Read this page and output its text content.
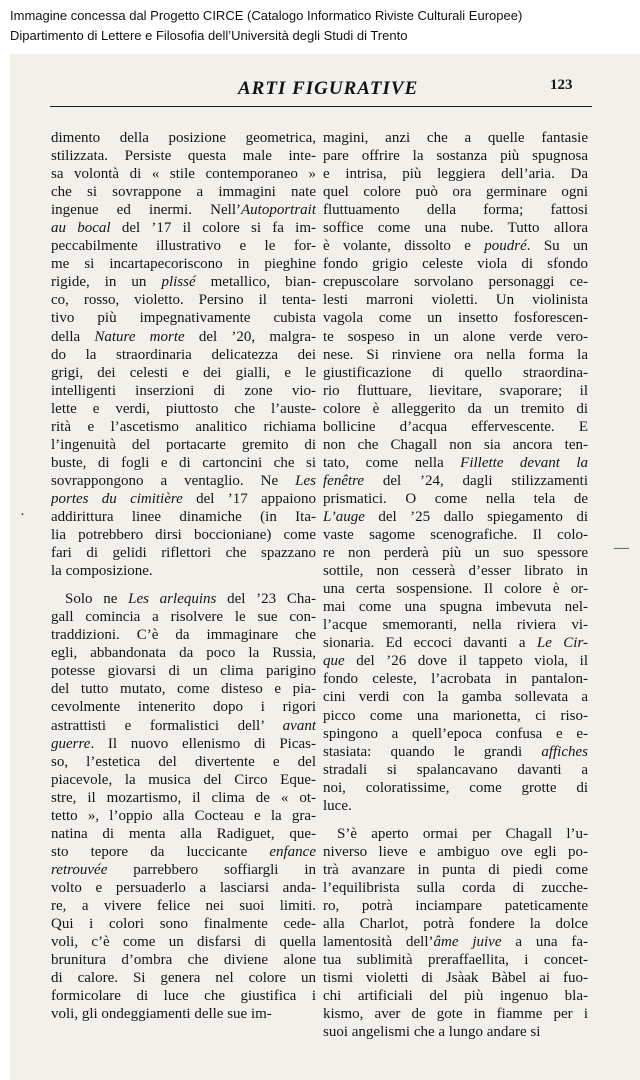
Immagine concessa dal Progetto CIRCE (Catalogo Informatico Riviste Culturali Europee)
Dipartimento di Lettere e Filosofia dell’Università degli Studi di Trento
ARTI FIGURATIVE	123
dimento della posizione geometrica,
stilizzata. Persiste questa male inte-
sa volontà di « stile contemporaneo »
che si sovrappone a immagini nate
ingenue ed inermi. Nell’Autoportrait
au bocal del ’17 il colore si fa im-
peccabilmente illustrativo e le for-
me si incartapecoriscono in pieghine
rigide, in un plissé metallico, bian-
co, rosso, violetto. Persino il tenta-
tivo più impegnativamente cubista
della Nature morte del ’20, malgra-
do la straordinaria delicatezza dei
grigi, dei celesti e dei gialli, e le
intelligenti inserzioni di zone vio-
lette e verdi, piuttosto che l’auste-
rità e l’ascetismo analitico richiama
l’ingenuità del portacarte gremito di
buste, di fogli e di cartoncini che si
sovrappongono a ventaglio. Ne Les
portes du cimitière del ’17 appaiono
addirittura linee dinamiche (in Ita-
lia potrebbero dirsi boccioniane) come
fari di gelidi riflettori che spazzano
la composizione.
Solo ne Les arlequins del ’23 Cha-
gall comincia a risolvere le sue con-
traddizioni. C’è da immaginare che
egli, abbandonata da poco la Russia,
potesse giovarsi di un clima parigino
del tutto mutato, come disteso e pia-
cevolmente intenerito dopo i rigori
astrattisti e formalistici dell’ avant
guerre. Il nuovo ellenismo di Picas-
so, l’estetica del divertente e del
piacevole, la musica del Circo Eque-
stre, il mozartismo, il clima de « ot-
tetto », l’oppio alla Cocteau e la gra-
natina di menta alla Radiguet, que-
sto tepore da luccicante enfance
retrouvée parrebbero soffiargli in
volto e persuaderlo a lasciarsi anda-
re, a vivere felice nei suoi limiti.
Qui i colori sono finalmente cede-
voli, c’è come un disfarsi di quella
brunitura d’ombra che diviene alone
di calore. Si genera nel colore un
formicolare di luce che giustifica i
voli, gli ondeggiamenti delle sue im-
magini, anzi che a quelle fantasie
pare offrire la sostanza più spugnosa
e intrisa, più leggiera dell’aria. Da
quel colore può ora germinare ogni
fluttuamento della forma; fattosi
soffice come una nube. Tutto allora
è volante, dissolto e poudré. Su un
fondo grigio celeste viola di sfondo
crepuscolare sorvolano personaggi ce-
lesti marroni violetti. Un violinista
vagola come un insetto fosforescen-
te sospeso in un alone verde vero-
nese. Si rinviene ora nella forma la
giustificazione di quello straordina-
rio fluttuare, lievitare, svaporare; il
colore è alleggerito da un tremito di
bollicine d’acqua effervescente. E
non che Chagall non sia ancora ten-
tato, come nella Fillette devant la
fenêtre del ’24, dagli stilizzamenti
prismatici. O come nella tela de
L’auge del ’25 dallo spiegamento di
vaste sagome scenografiche. Il colo-
re non perderà più un suo spessore
sottile, non cesserà d’esser librato in
una certa sospensione. Il colore è or-
mai come una spugna imbevuta nel-
l’acque smemoranti, nella riviera vi-
sionaria. Ed eccoci davanti a Le Cir-
que del ’26 dove il tappeto viola, il
fondo celeste, l’acrobata in pantalon-
cini verdi con la gamba sollevata a
picco come una marionetta, ci riso-
spingono a quell’epoca confusa e e-
stasiata: quando le grandi affiches
stradali si spalancavano davanti a
noi, coloratissime, come grotte di
luce.
S’è aperto ormai per Chagall l’u-
niverso lieve e ambiguo ove egli po-
trà avanzare in punta di piedi come
l’equilibrista sulla corda di zucche-
ro, potrà inciampare pateticamente
alla Charlot, potrà fondere la dolce
lamentosità dell’âme juive a una fa-
tua sublimità preraffaellita, i concet-
tismi violetti di Jsàak Bàbel ai fuo-
chi artificiali del più ingenuo bla-
kismo, aver de gote in fiamme per i
suoi angelismi che a lungo andare si
·
—
